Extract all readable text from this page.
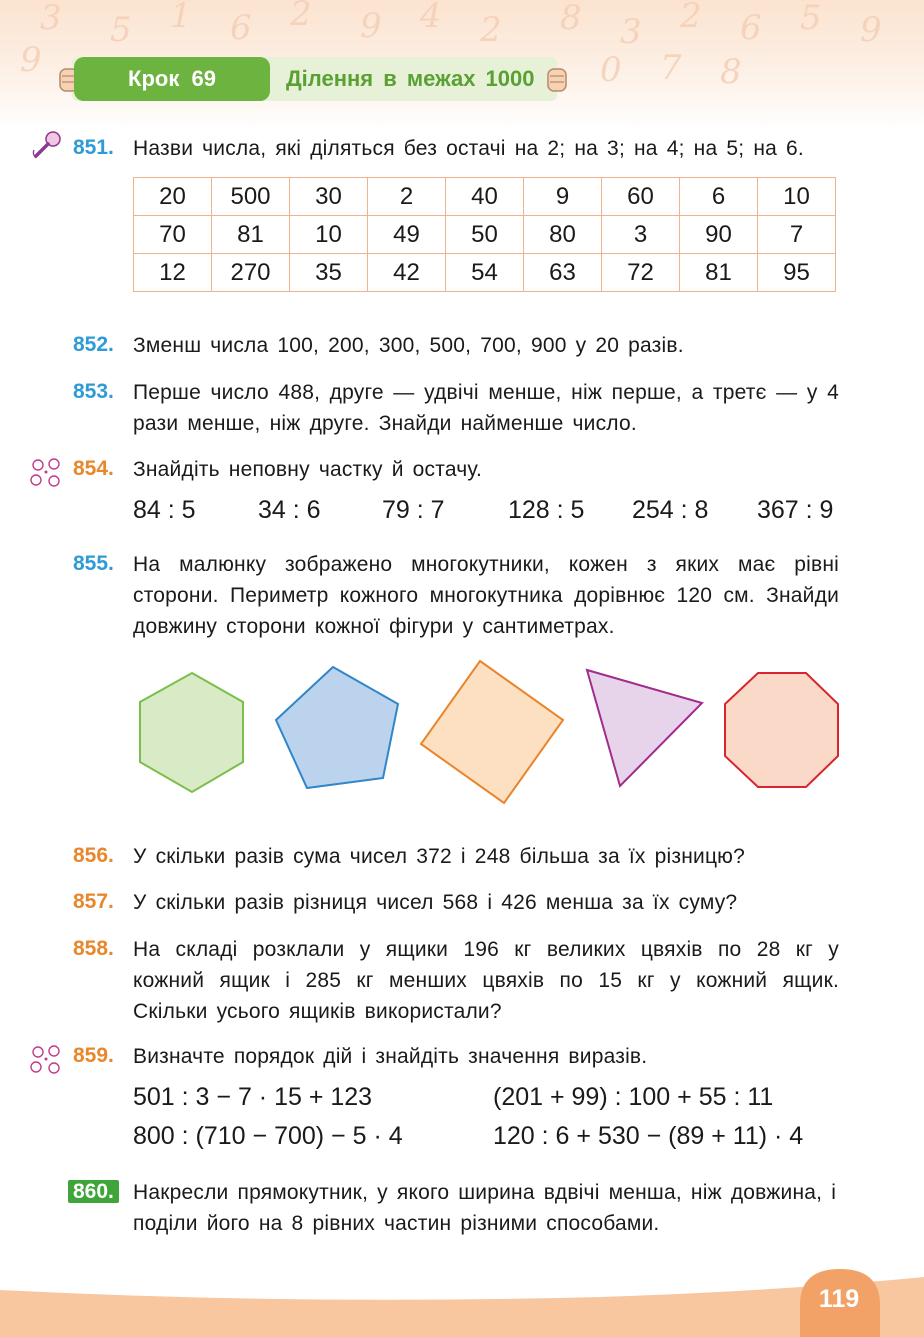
3 5 1 6 2 9 4 2 8 3 2 6 5 9
0 7 8
9	Крок 69	Ділення в межах 1000
851. Назви числа, які діляться без остачі на 2; на 3; на 4; на 5; на 6.
20	500	30	2	40	9	60	6	10
70	81	10	49	50	80	3	90	7
12	270	35	42	54	63	72	81	95
852. Зменш числа 100, 200, 300, 500, 700, 900 у 20 разів.
853. Перше число 488, друге — удвічі менше, ніж перше, а третє — у 4 рази менше, ніж друге. Знайди найменше число.
854. Знайдіть неповну частку й остачу.
84 : 5 34 : 6 79 : 7	128 : 5 254 : 8 367 : 9
855. На малюнку зображено многокутники, кожен з яких має рівні сторони. Периметр кожного многокутника дорівнює 120 см. Знайди довжину сторони кожної фігури у сантиметрах.
856. У скільки разів сума чисел 372 і 248 більша за їх різницю?
857. У скільки разів різниця чисел 568 і 426 менша за їх суму?
858. На складі розклали у ящики 196 кг великих цвяхів по 28 кг у кожний ящик і 285 кг менших цвяхів по 15 кг у кожний ящик. Скільки усього ящиків використали?
859. Визначте порядок дій і знайдіть значення виразів.
501 : 3 − 7 · 15 + 123	(201 + 99) : 100 + 55 : 11
800 : (710 − 700) − 5 · 4	120 : 6 + 530 − (89 + 11) · 4
860. Накресли прямокутник, у якого ширина вдвічі менша, ніж довжина, і поділи його на 8 рівних частин різними способами.
119
